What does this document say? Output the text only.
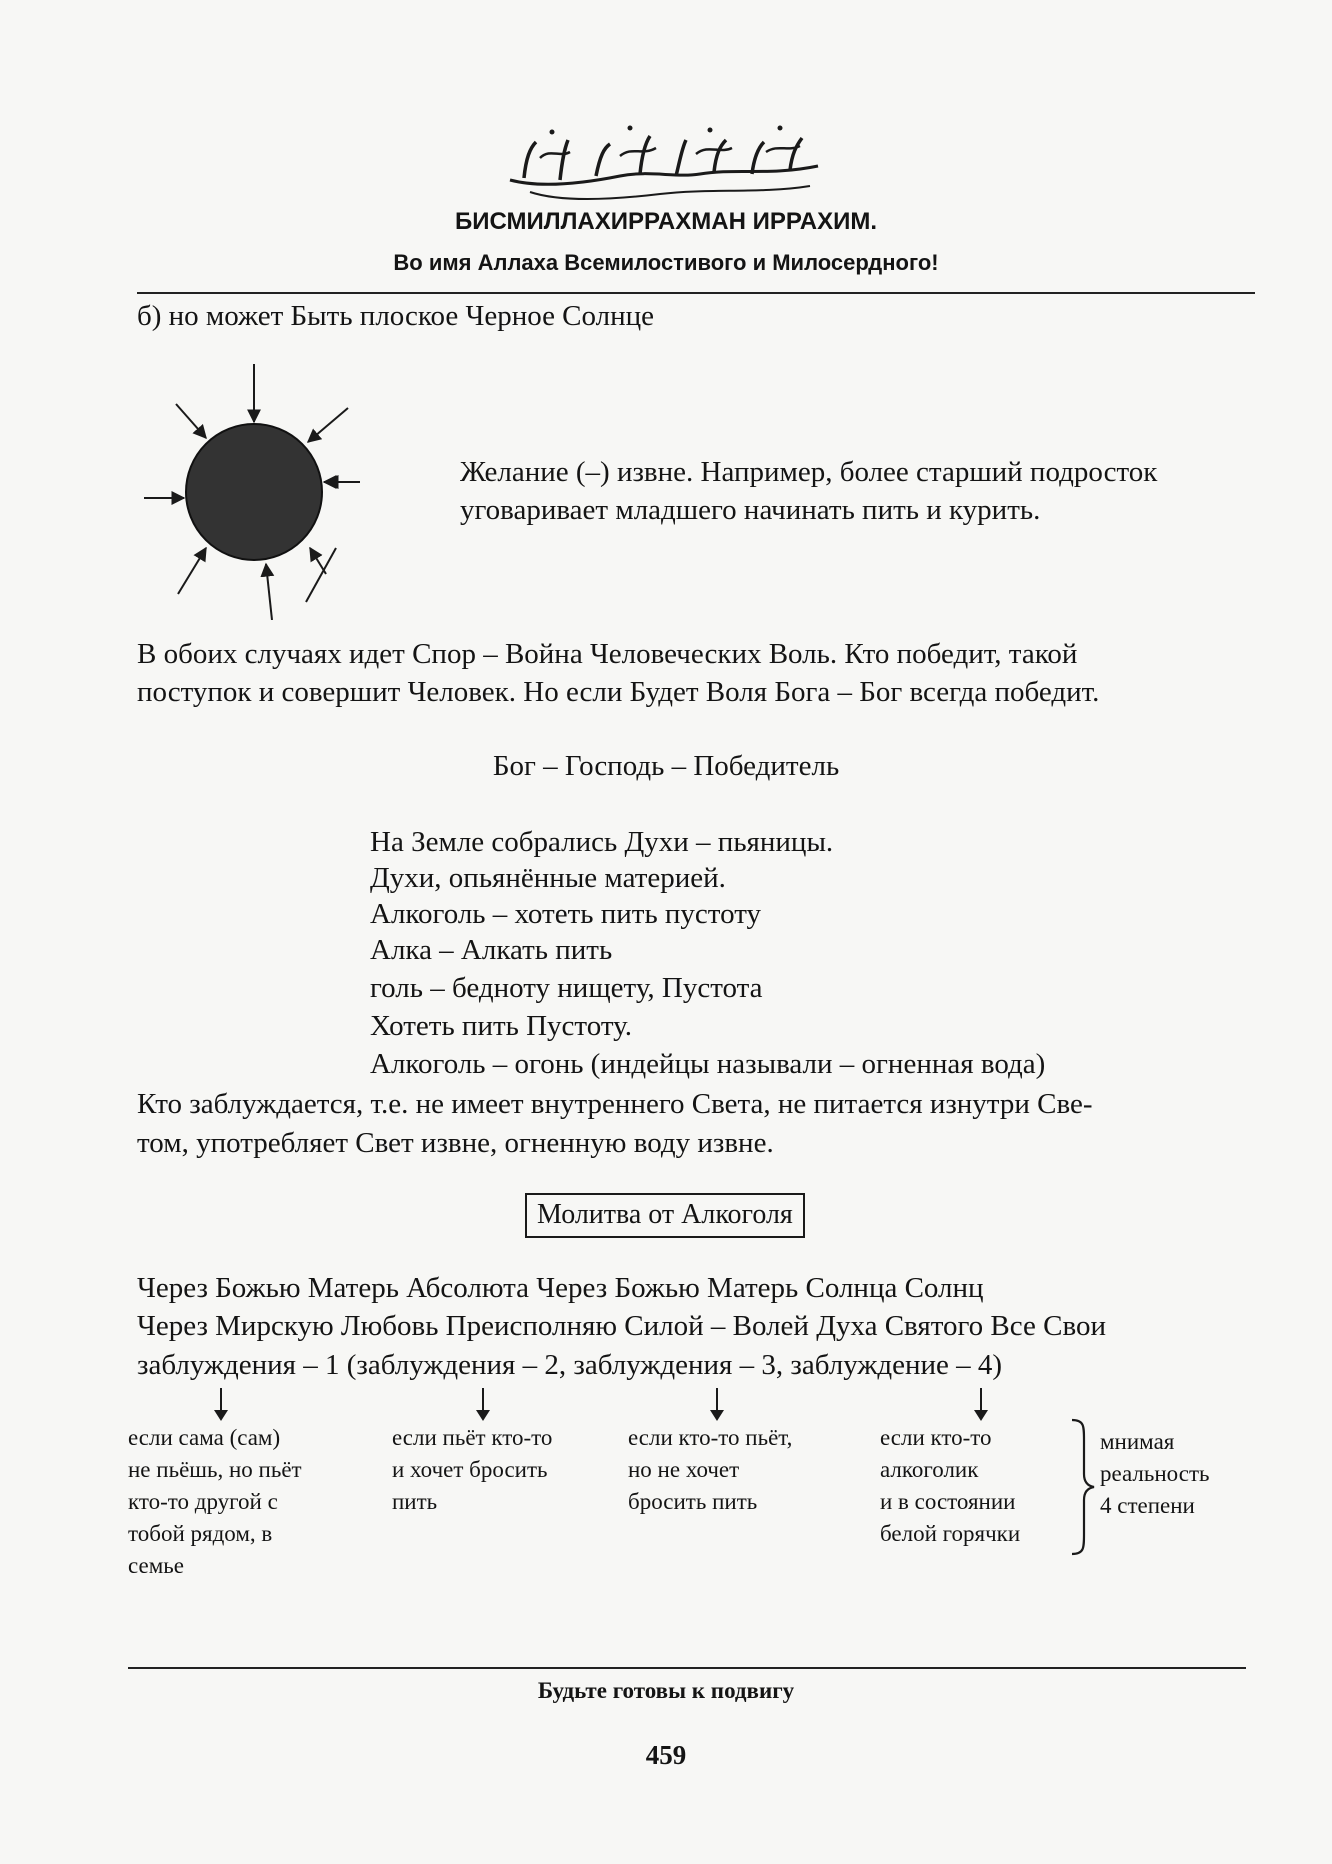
БИСМИЛЛАХИРРАХМАН ИРРАХИМ.
Во имя Аллаха Всемилостивого и Милосердного!
б) но может Быть плоское Черное Солнце
Желание (–) извне. Например, более старший подросток
уговаривает младшего начинать пить и курить.
В обоих случаях идет Спор – Война Человеческих Воль. Кто победит, такой
поступок и совершит Человек. Но если Будет Воля Бога – Бог всегда победит.
Бог – Господь – Победитель
На Земле собрались Духи – пьяницы.
Духи, опьянённые материей.
Алкоголь – хотеть пить пустоту
Алка – Алкать пить
голь – бедноту нищету, Пустота
Хотеть пить Пустоту.
Алкоголь – огонь (индейцы называли – огненная вода)
Кто заблуждается, т.е. не имеет внутреннего Света, не питается изнутри Све-
том, употребляет Свет извне, огненную воду извне.
Молитва от Алкоголя
Через Божью Матерь Абсолюта Через Божью Матерь Солнца Солнц
Через Мирскую Любовь Преисполняю Силой – Волей Духа Святого Все Свои
заблуждения – 1 (заблуждения – 2, заблуждения – 3, заблуждение – 4)
если сама (сам)
не пьёшь, но пьёт
кто-то другой с
тобой рядом, в
семье
если пьёт кто-то
и хочет бросить
пить
если кто-то пьёт,
но не хочет
бросить пить
если кто-то
алкоголик
и в состоянии
белой горячки
мнимая
реальность
4 степени
Будьте готовы к подвигу
459
